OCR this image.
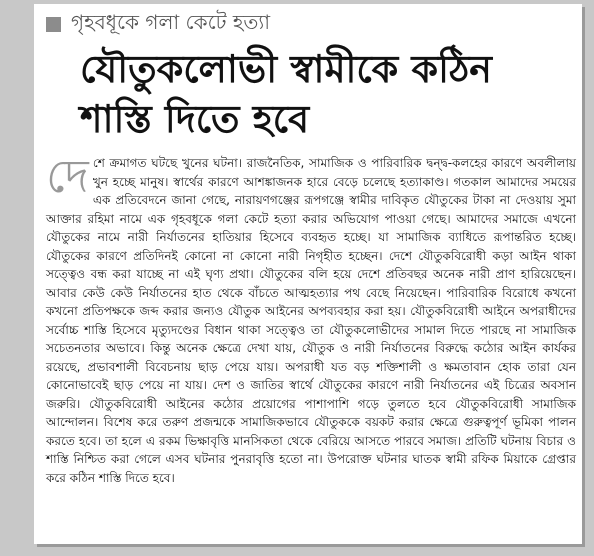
গৃহবধূকে গলা কেটে হত্যা
যৌতুকলোভী স্বামীকে কঠিন
শাস্তি দিতে হবে
দে শে ক্রমাগত ঘটছে খুনের ঘটনা। রাজনৈতিক, সামাজিক ও পারিবারিক দ্বন্দ্ব-কলহের কারণে অবলীলায় খুন হচ্ছে মানুষ। স্বার্থের কারণে আশঙ্কাজনক হারে বেড়ে চলেছে হত্যাকাণ্ড। গতকাল আমাদের সময়ের এক প্রতিবেদনে জানা গেছে, নারায়ণগঞ্জের রূপগঞ্জে স্বামীর দাবিকৃত যৌতুকের টাকা না দেওয়ায় সুমা আক্তার রহিমা নামে এক গৃহবধূকে গলা কেটে হত্যা করার অভিযোগ পাওয়া গেছে। আমাদের সমাজে এখনো যৌতুকের নামে নারী নির্যাতনের হাতিয়ার হিসেবে ব্যবহৃত হচ্ছে। যা সামাজিক ব্যাধিতে রূপান্তরিত হচ্ছে। যৌতুকের কারণে প্রতিদিনই কোনো না কোনো নারী নিগৃহীত হচ্ছেন। দেশে যৌতুকবিরোধী কড়া আইন থাকা সত্ত্বেও বন্ধ করা যাচ্ছে না এই ঘৃণ্য প্রথা। যৌতুকের বলি হয়ে দেশে প্রতিবছর অনেক নারী প্রাণ হারিয়েছেন। আবার কেউ কেউ নির্যাতনের হাত থেকে বাঁচতে আত্মহত্যার পথ বেছে নিয়েছেন। পারিবারিক বিরোধে কখনো কখনো প্রতিপক্ষকে জব্দ করার জন্যও যৌতুক আইনের অপব্যবহার করা হয়। যৌতুকবিরোধী আইনে অপরাধীদের সর্বোচ্চ শাস্তি হিসেবে মৃত্যুদণ্ডের বিধান থাকা সত্ত্বেও তা যৌতুকলোভীদের সামাল দিতে পারছে না সামাজিক সচেতনতার অভাবে। কিন্তু অনেক ক্ষেত্রে দেখা যায়, যৌতুক ও নারী নির্যাতনের বিরুদ্ধে কঠোর আইন কার্যকর রয়েছে, প্রভাবশালী বিবেচনায় ছাড় পেয়ে যায়। অপরাধী যত বড় শক্তিশালী ও ক্ষমতাবান হোক তারা যেন কোনোভাবেই ছাড় পেয়ে না যায়। দেশ ও জাতির স্বার্থে যৌতুকের কারণে নারী নির্যাতনের এই চিত্রের অবসান জরুরি। যৌতুকবিরোধী আইনের কঠোর প্রয়োগের পাশাপাশি গড়ে তুলতে হবে যৌতুকবিরোধী সামাজিক আন্দোলন। বিশেষ করে তরুণ প্রজন্মকে সামাজিকভাবে যৌতুককে বয়কট করার ক্ষেত্রে গুরুত্বপূর্ণ ভূমিকা পালন করতে হবে। তা হলে এ রকম ভিক্ষাবৃত্তি মানসিকতা থেকে বেরিয়ে আসতে পারবে সমাজ। প্রতিটি ঘটনায় বিচার ও শাস্তি নিশ্চিত করা গেলে এসব ঘটনার পুনরাবৃত্তি হতো না। উপরোক্ত ঘটনার ঘাতক স্বামী রফিক মিয়াকে গ্রেপ্তার করে কঠিন শাস্তি দিতে হবে।
